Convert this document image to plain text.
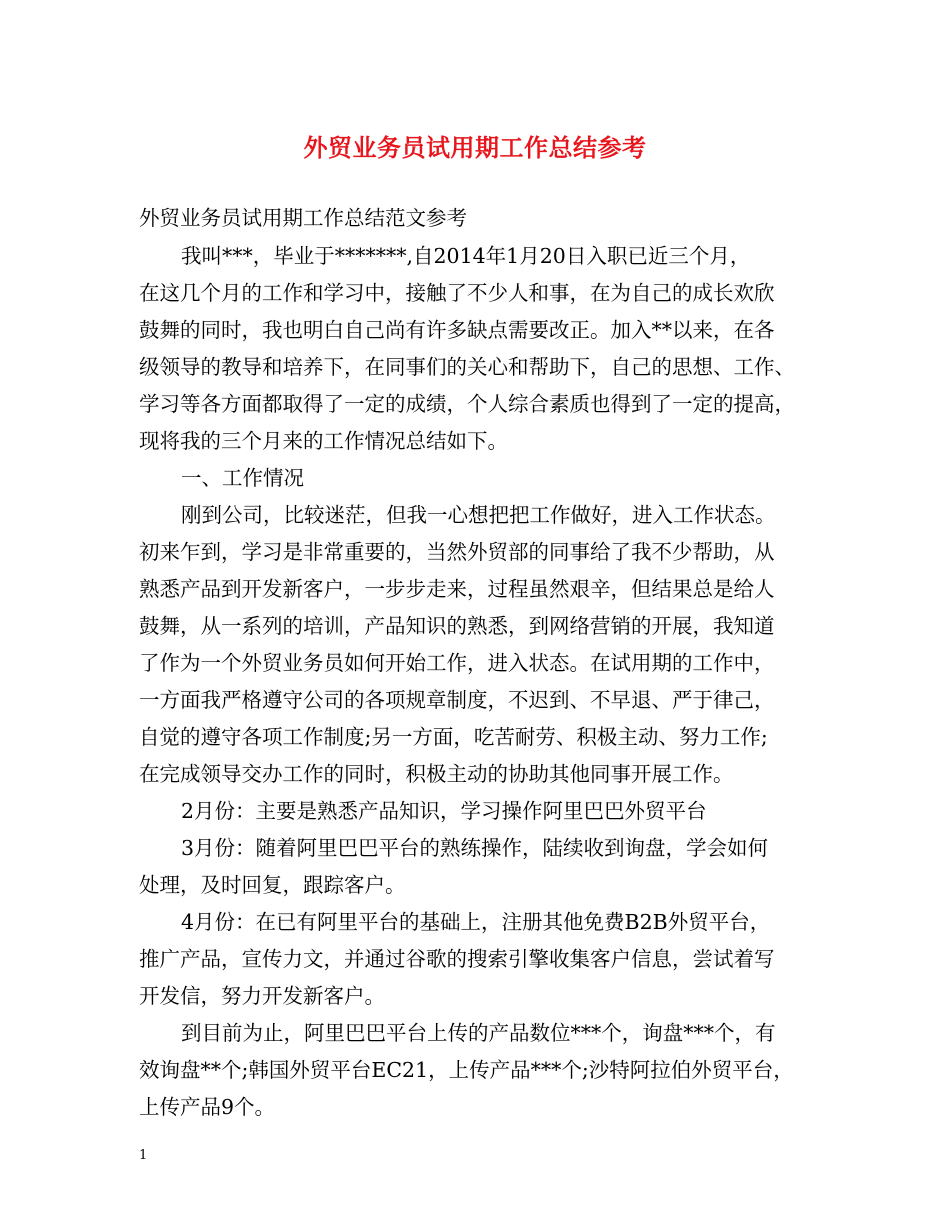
外贸业务员试用期工作总结参考
外贸业务员试用期工作总结范文参考
我叫***，毕业于*******,自2014年1月20日入职已近三个月，
在这几个月的工作和学习中，接触了不少人和事，在为自己的成长欢欣
鼓舞的同时，我也明白自己尚有许多缺点需要改正。加入**以来，在各
级领导的教导和培养下，在同事们的关心和帮助下，自己的思想、工作、
学习等各方面都取得了一定的成绩，个人综合素质也得到了一定的提高，
现将我的三个月来的工作情况总结如下。
一、工作情况
刚到公司，比较迷茫，但我一心想把把工作做好，进入工作状态。
初来乍到，学习是非常重要的，当然外贸部的同事给了我不少帮助，从
熟悉产品到开发新客户，一步步走来，过程虽然艰辛，但结果总是给人
鼓舞，从一系列的培训，产品知识的熟悉，到网络营销的开展，我知道
了作为一个外贸业务员如何开始工作，进入状态。在试用期的工作中，
一方面我严格遵守公司的各项规章制度，不迟到、不早退、严于律己，
自觉的遵守各项工作制度;另一方面，吃苦耐劳、积极主动、努力工作;
在完成领导交办工作的同时，积极主动的协助其他同事开展工作。
2月份：主要是熟悉产品知识，学习操作阿里巴巴外贸平台
3月份：随着阿里巴巴平台的熟练操作，陆续收到询盘，学会如何
处理，及时回复，跟踪客户。
4月份：在已有阿里平台的基础上，注册其他免费B2B外贸平台，
推广产品，宣传力文，并通过谷歌的搜索引擎收集客户信息，尝试着写
开发信，努力开发新客户。
到目前为止，阿里巴巴平台上传的产品数位***个，询盘***个，有
效询盘**个;韩国外贸平台EC21，上传产品***个;沙特阿拉伯外贸平台，
上传产品9个。
1
